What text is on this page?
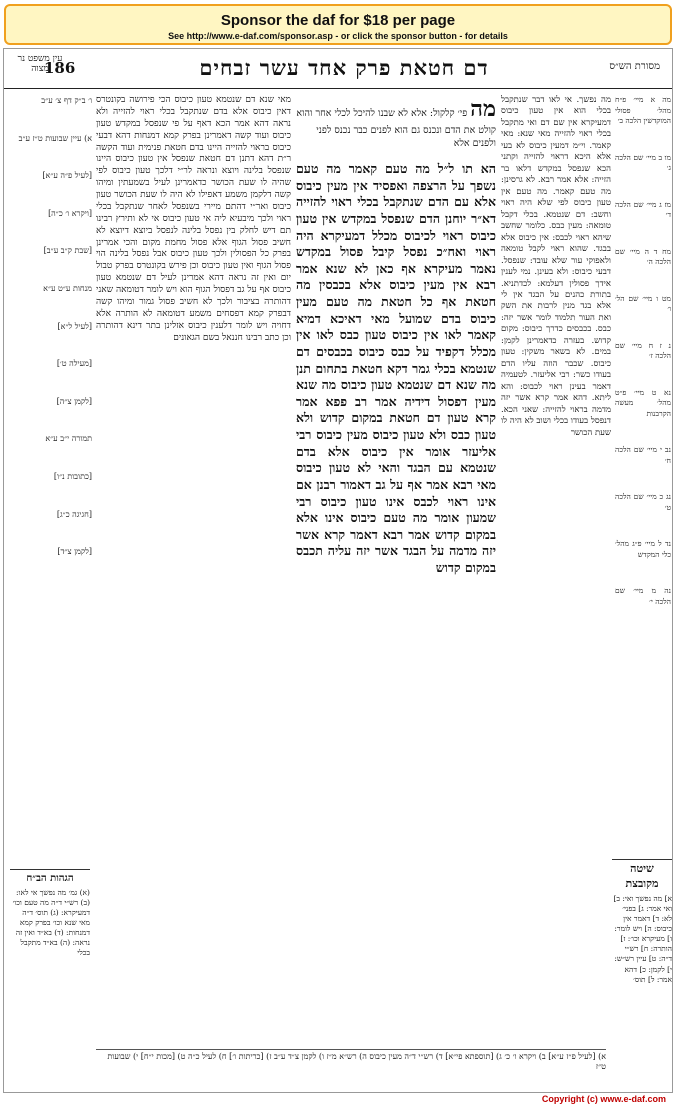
Sponsor the daf for $18 per page
See http://www.e-daf.com/sponsor.asp - or click the sponsor button - for details
עין משפט נר מצוה
186	דם חטאת פרק אחד עשר זבחים	מסורת הש״ס
ו׳ ב״ק דף צ׳ ע״ב
א) עיין שבועות ט״ז ע״ב
[לעיל פ״ה ע״א]
[ויקרא ו׳ כ״ה]
[שבת ק״ב ע״ב]
מנחות ע״ט ע״א
[לעיל ל״א]
[מעילה ט׳]
[לקמן צ״ה]
תמורה י״ב ע״א
[כתובות נ״ו]
[חגיגה כ״ג]
[לקמן צ״ד]
הגהות הב״ח
(א) גמ׳ מה נפשך אי לאו: (ב) רש״י ד״ה מה טעם וכו׳ דמעיקרא: (ג) תוס׳ ד״ה מאי שנא וכו׳ בפרק קמא דמנחות: (ד) בא״ד ואין זה נראה: (ה) בא״ד מתקבל בכלי
מאי שנא דם שנטמא טעון כיבוס הכי פירושה בקונטרס דאין כיבוס אלא בדם שנתקבל בכלי ראוי להזייה ולא נראה דהא אמר הכא דאף על פי שנפסל במקדש טעון כיבוס ועוד קשה דאמרינן בפרק קמא דמנחות דהא דבעי כיבוס בראוי להזייה היינו בדם חטאת פנימית ועוד הקשה ר״ת דהא דתנן דם חטאת שנפסל אין טעון כיבוס היינו שנפסל בלינה ויוצא ונראה לר״י דלכך טעון כיבוס לפי שהיה לו שעת הכושר כדאמרינן לעיל בשמעתין ומיהו קשה דלקמן משמע דאפילו לא היה לו שעת הכושר טעון כיבוס ואר״י דהתם מיירי בשנפסל לאחר שנתקבל בכלי ראוי ולכך מיבעיא ליה אי טעון כיבוס אי לא ותירץ רבינו תם דיש לחלק בין נפסל בלינה לנפסל ביוצא דיוצא לא חשיב פסול הגוף אלא פסול מחמת מקום והכי אמרינן בפרק כל הפסולין ולכך טעון כיבוס אבל נפסל בלינה הוי פסול הגוף ואין טעון כיבוס וכן פירש בקונטרס בפרק טבול יום ואין זה נראה דהא אמרינן לעיל דם שנטמא טעון כיבוס אף על גב דפסול הגוף הוא ויש לומר דטומאה שאני דהותרה בציבור ולכך לא חשיב פסול גמור ומיהו קשה דבפרק קמא דפסחים משמע דטומאה לא הותרה אלא דחויה ויש לומר דלענין כיבוס אזלינן בתר דינא דהותרה וכן כתב רבינו חננאל בשם הגאונים
מה פי׳ קלקול: אלא לא שבנו להיכל לכלי אחר והוא קולט את הדם ונכנס גם הוא לפנים כבר נכנס לפני ולפנים אלא
הא תו ל״ל מה טעם קאמר מה טעם נשפך על הרצפה ואפסיד אין מעין כיבוס אלא עם הדם שנתקבל בכלי ראוי להזייה דא״ר יוחנן הדם שנפסל במקדש אין טעון כיבוס ראוי לכיבוס מכלל דמעיקרא היה ראוי ואח״כ נפסל קיבל פסול במקדש נאמר מעיקרא אף כאן לא שנא אמר רבא אין מעין כיבוס אלא בכבסין מה חטאת אף כל חטאת מה טעם מעין כיבוס בדם שמועל מאי דאיכא דמיא קאמר לאו אין כיבוס טעון כבס לאו אין מכלל דקפיד על כבס כיבוס בכבסים דם שנטמא בכלי גמר דקא חטאת בתחום תנן מה שנא דם שנטמא טעון כיבוס מה שנא מעין דפסול דידיה אמר רב פפא אמר קרא טעון דם חטאת במקום קדוש ולא טעון כבס ולא טעון כיבוס מעין כיבוס רבי אליעזר אומר אין כיבוס אלא בדם שנטמא עם הבגד והאי לא טעון כיבוס מאי רבא אמר אף על גב דאמור רבנן אם אינו ראוי לכבס אינו טעון כיבוס רבי שמעון אומר מה טעם כיבוס אינו אלא במקום קדוש אמר רבא דאמר קרא אשר יזה מדמה על הבגד אשר יזה עליה תכבס במקום קדוש
מה נפשך. אי לאו דבר שנתקבל בכלי הוא אין טעון כיבוס דמעיקרא אין שם דם ואי מתקבל בכלי ראוי להזייה מאי שנא: מאי קאמר. וי״מ דמעין כיבוס לא בעי אלא היכא דראוי להזייה וקתני הכא שנפסל במקדש דלאו בר הזייה: אלא אמר רבא. לא גרסינן: מה טעם קאמר. מה טעם אין טעון כיבוס לפי שלא היה ראוי וחשב: דם שנטמא. בכלי דקבל טומאה: מעין כבס. כלומר שחשב שיהא ראוי לכבס: אין כיבוס אלא בבגד. שהוא ראוי לקבל טומאה ולאפוקי עור שלא עובד: שנפסל. דבעי כיבוס: ולא בעינן. נמי לענין אידך פסולין דעלמא: לכדתניא. בתורת כהנים על הבגד אין לי אלא בגד מנין לרבות את השק ואת העור תלמוד לומר אשר יזה: כבס. בכבסים כדרך כיבוס: מקום קדוש. בעזרה כדאמרינן לקמן: במים. לא בשאר משקין: טעון כיבוס. שכבר הוזה עליו הדם בעודו כשר: רבי אליעזר. לטעמיה דאמר בעינן ראוי לכבוס: והא ליתא. דהא אמר קרא אשר יזה מדמה בראוי להזייה: שאני הכא. דנפסל בעודו בכלי ושוב לא היה לו שעת הכושר
מה א מיי׳ פ״ח מהל׳ פסולי המוקדשין הלכה ב׳
מו ב מיי׳ שם הלכה ג׳
מז ג מיי׳ שם הלכה ד׳
מח ד ה מיי׳ שם הלכה ה׳
מט ו מיי׳ שם הל׳ ו׳
נ ז ח מיי׳ שם הלכה ז׳
נא ט מיי׳ פ״ט מהל׳ מעשה הקרבנות
נב י מיי׳ שם הלכה ח׳
נג כ מיי׳ שם הלכה ט׳
נד ל מיי׳ פ״ג מהל׳ כלי המקדש
נה מ מיי׳ שם הלכה י׳
שיטה מקובצת
א] מה נפשך ואי: ב] ואי אמר: ג] בפני׳ לא: ד] דאמר אין כיבוס: ה] ויש לומר: ו] מעיקרא וכו׳: ז] הותרה: ח] רש״י ד״ה: ט] עיין רש״ש: י] לקמן: כ] דהא אמר: ל] תוס׳
א) [לעיל פ״ז ע״א] ב) ויקרא ו׳ כ׳ ג) [תוספתא פי״א] ד) רש״י ד״ה מעין כיבוס ה) רש״א מ״ז ו) לקמן צ״ד ע״ב ז) [כריתות ו׳] ח) לעיל כ״ה ט) [מכות י״ח] י) שבועות ט״ז
Copyright (c) www.e-daf.com
